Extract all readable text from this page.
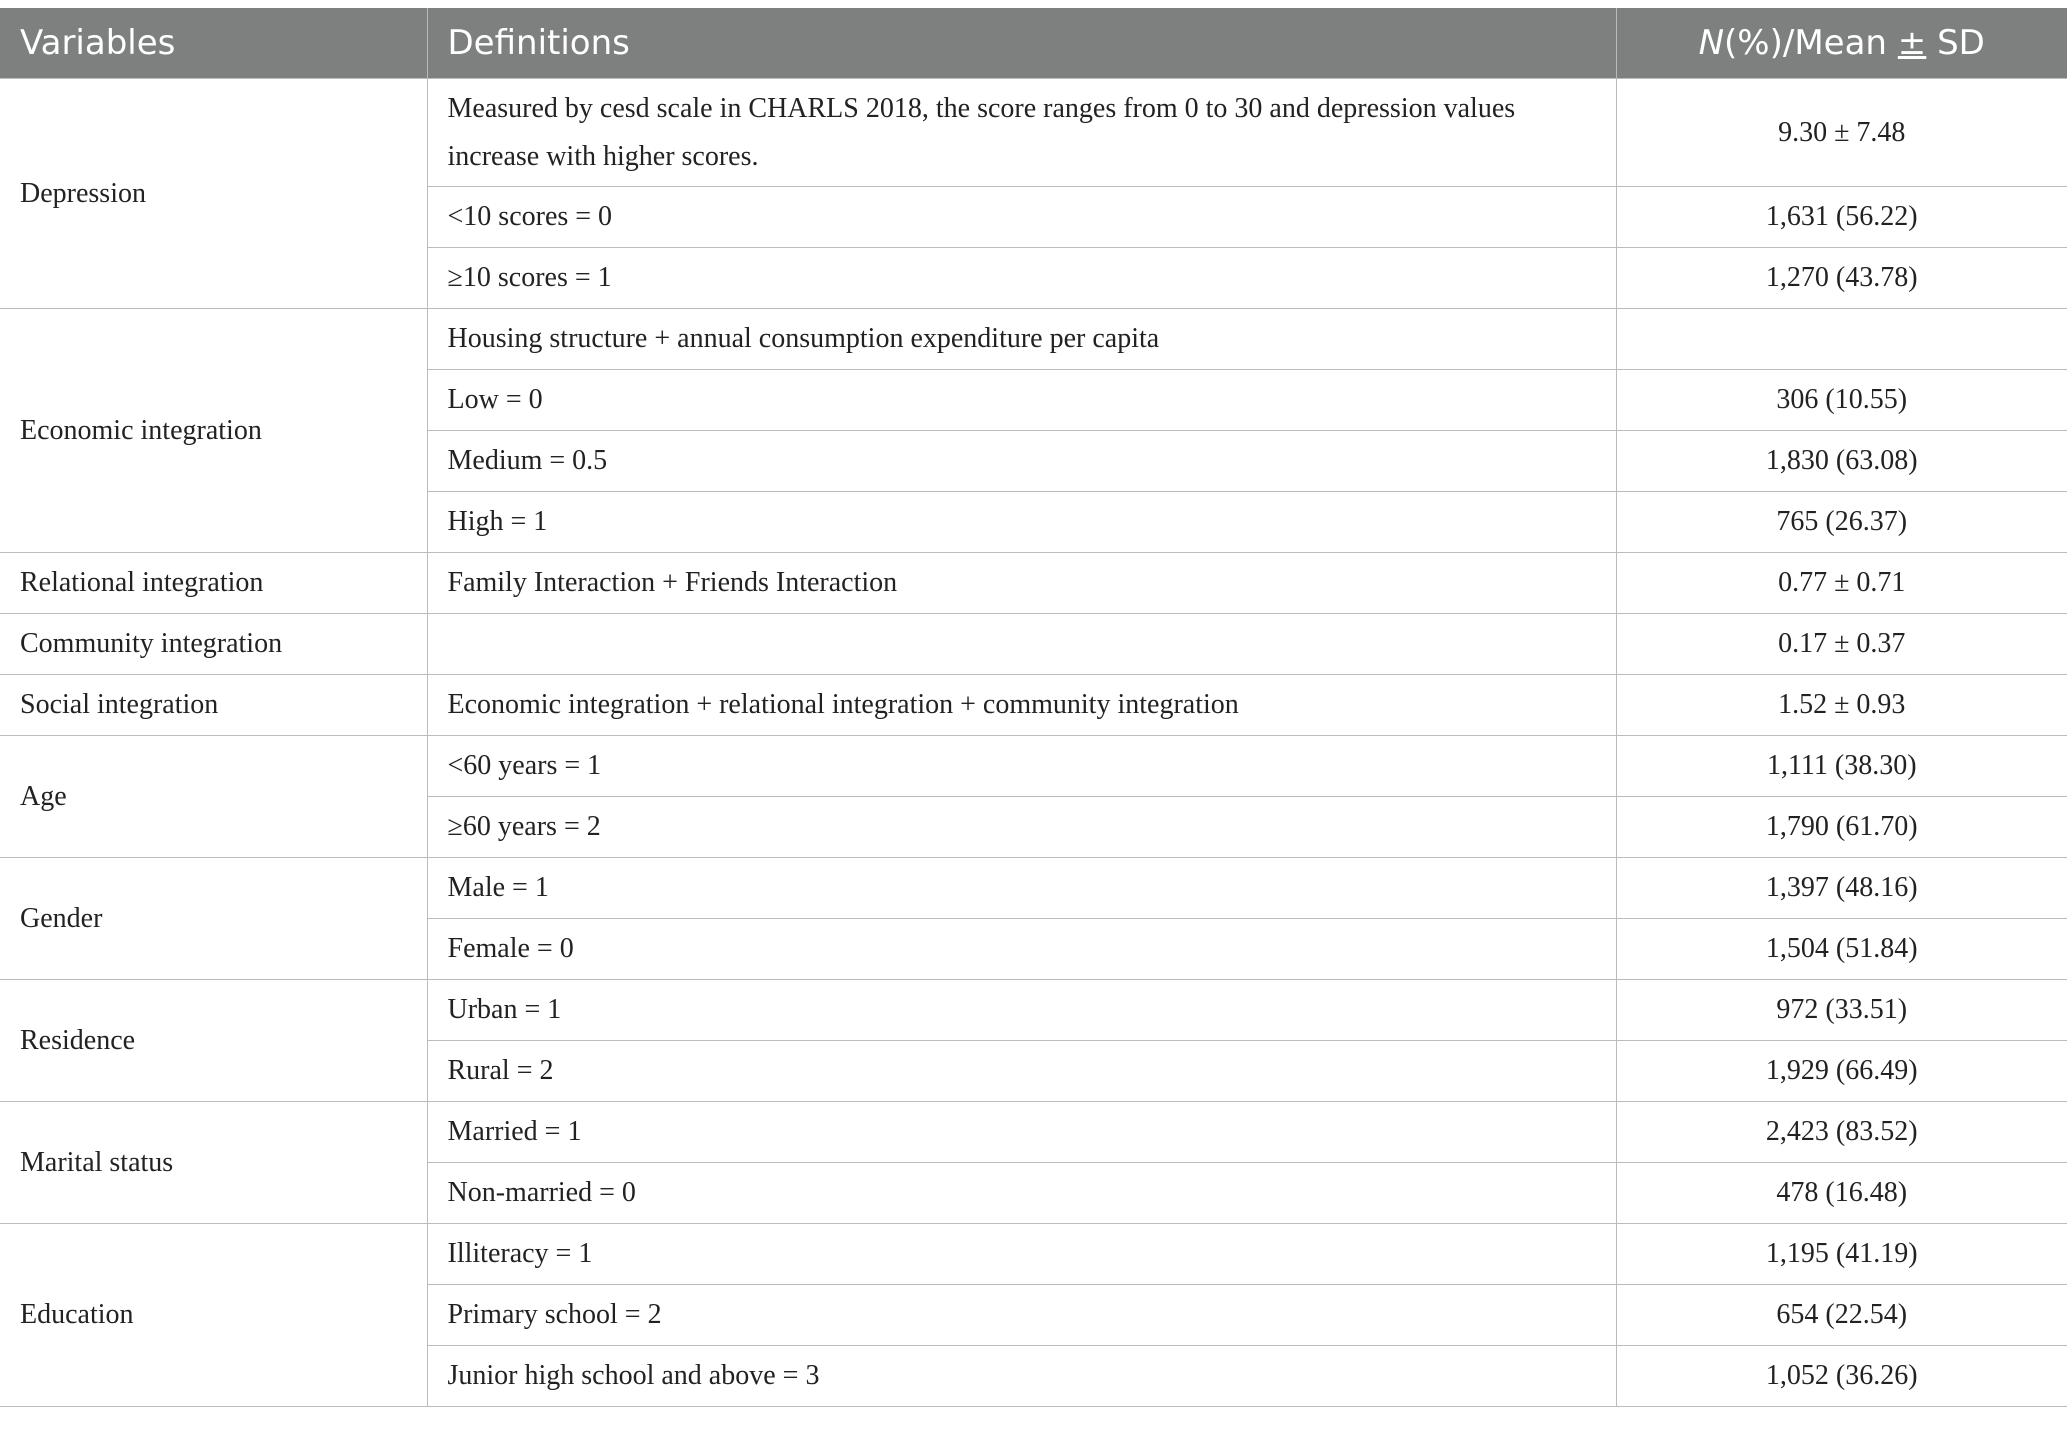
Variables	Definitions	N(%)/Mean ± SD
Depression	Measured by cesd scale in CHARLS 2018, the score ranges from 0 to 30 and depression values increase with higher scores.	9.30 ± 7.48
	<10 scores = 0	1,631 (56.22)
	≥10 scores = 1	1,270 (43.78)
Economic integration	Housing structure + annual consumption expenditure per capita	
	Low = 0	306 (10.55)
	Medium = 0.5	1,830 (63.08)
	High = 1	765 (26.37)
Relational integration	Family Interaction + Friends Interaction	0.77 ± 0.71
Community integration		0.17 ± 0.37
Social integration	Economic integration + relational integration + community integration	1.52 ± 0.93
Age	<60 years = 1	1,111 (38.30)
	≥60 years = 2	1,790 (61.70)
Gender	Male = 1	1,397 (48.16)
	Female = 0	1,504 (51.84)
Residence	Urban = 1	972 (33.51)
	Rural = 2	1,929 (66.49)
Marital status	Married = 1	2,423 (83.52)
	Non-married = 0	478 (16.48)
Education	Illiteracy = 1	1,195 (41.19)
	Primary school = 2	654 (22.54)
	Junior high school and above = 3	1,052 (36.26)
